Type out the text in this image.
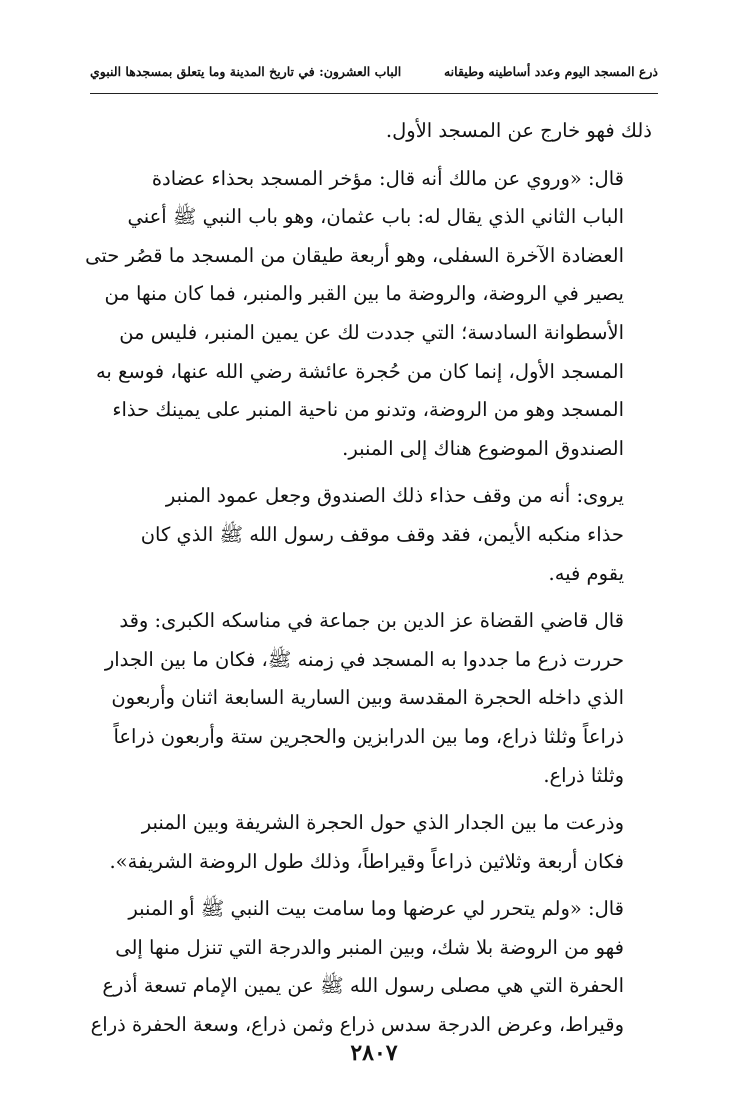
ذرع المسجد اليوم وعدد أساطينه وطيقانه
الباب العشرون: في تاريخ المدينة وما يتعلق بمسجدها النبوي

ذلك فهو خارج عن المسجد الأول.

قال: «وروي عن مالك أنه قال: مؤخر المسجد بحذاء عضادة
الباب الثاني الذي يقال له: باب عثمان، وهو باب النبي ﷺ أعني
العضادة الآخرة السفلى، وهو أربعة طيقان من المسجد ما قصُر حتى
يصير في الروضة، والروضة ما بين القبر والمنبر، فما كان منها من
الأسطوانة السادسة؛ التي جددت لك عن يمين المنبر، فليس من
المسجد الأول، إنما كان من حُجرة عائشة رضي الله عنها، فوسع به
المسجد وهو من الروضة، وتدنو من ناحية المنبر على يمينك حذاء
الصندوق الموضوع هناك إلى المنبر.

يروى: أنه من وقف حذاء ذلك الصندوق وجعل عمود المنبر
حذاء منكبه الأيمن، فقد وقف موقف رسول الله ﷺ الذي كان
يقوم فيه.

قال قاضي القضاة عز الدين بن جماعة في مناسكه الكبرى: وقد
حررت ذرع ما جددوا به المسجد في زمنه ﷺ، فكان ما بين الجدار
الذي داخله الحجرة المقدسة وبين السارية السابعة اثنان وأربعون
ذراعاً وثلثا ذراع، وما بين الدرابزين والحجرين ستة وأربعون ذراعاً
وثلثا ذراع.

وذرعت ما بين الجدار الذي حول الحجرة الشريفة وبين المنبر
فكان أربعة وثلاثين ذراعاً وقيراطاً، وذلك طول الروضة الشريفة».

قال: «ولم يتحرر لي عرضها وما سامت بيت النبي ﷺ أو المنبر
فهو من الروضة بلا شك، وبين المنبر والدرجة التي تنزل منها إلى
الحفرة التي هي مصلى رسول الله ﷺ عن يمين الإمام تسعة أذرع
وقيراط، وعرض الدرجة سدس ذراع وثمن ذراع، وسعة الحفرة ذراع

٢٨٠٧
